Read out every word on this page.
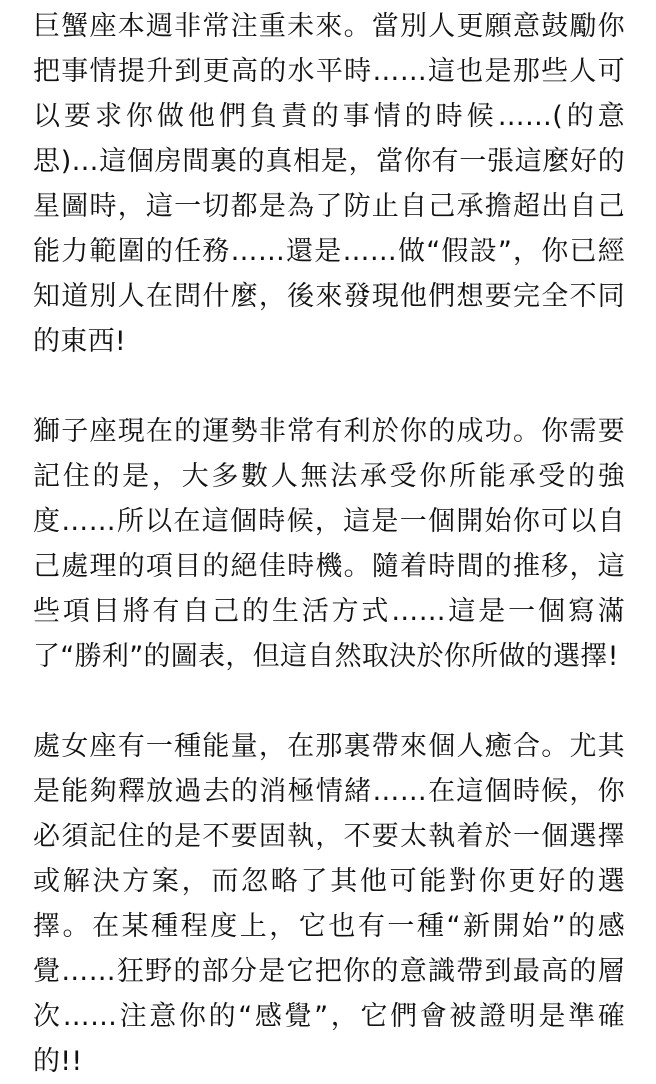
巨蟹座本週非常注重未來。當別人更願意鼓勵你把事情提升到更高的水平時……這也是那些人可以要求你做他們負責的事情的時候……(的意思)…這個房間裏的真相是，當你有一張這麼好的星圖時，這一切都是為了防止自己承擔超出自己能力範圍的任務……還是……做“假設”，你已經知道別人在問什麼，後來發現他們想要完全不同的東西!

獅子座現在的運勢非常有利於你的成功。你需要記住的是，大多數人無法承受你所能承受的強度……所以在這個時候，這是一個開始你可以自己處理的項目的絕佳時機。隨着時間的推移，這些項目將有自己的生活方式……這是一個寫滿了“勝利”的圖表，但這自然取決於你所做的選擇!

處女座有一種能量，在那裏帶來個人癒合。尤其是能夠釋放過去的消極情緒……在這個時候，你必須記住的是不要固執，不要太執着於一個選擇或解決方案，而忽略了其他可能對你更好的選擇。在某種程度上，它也有一種“新開始”的感覺……狂野的部分是它把你的意識帶到最高的層次……注意你的“感覺”，它們會被證明是準確的!!
